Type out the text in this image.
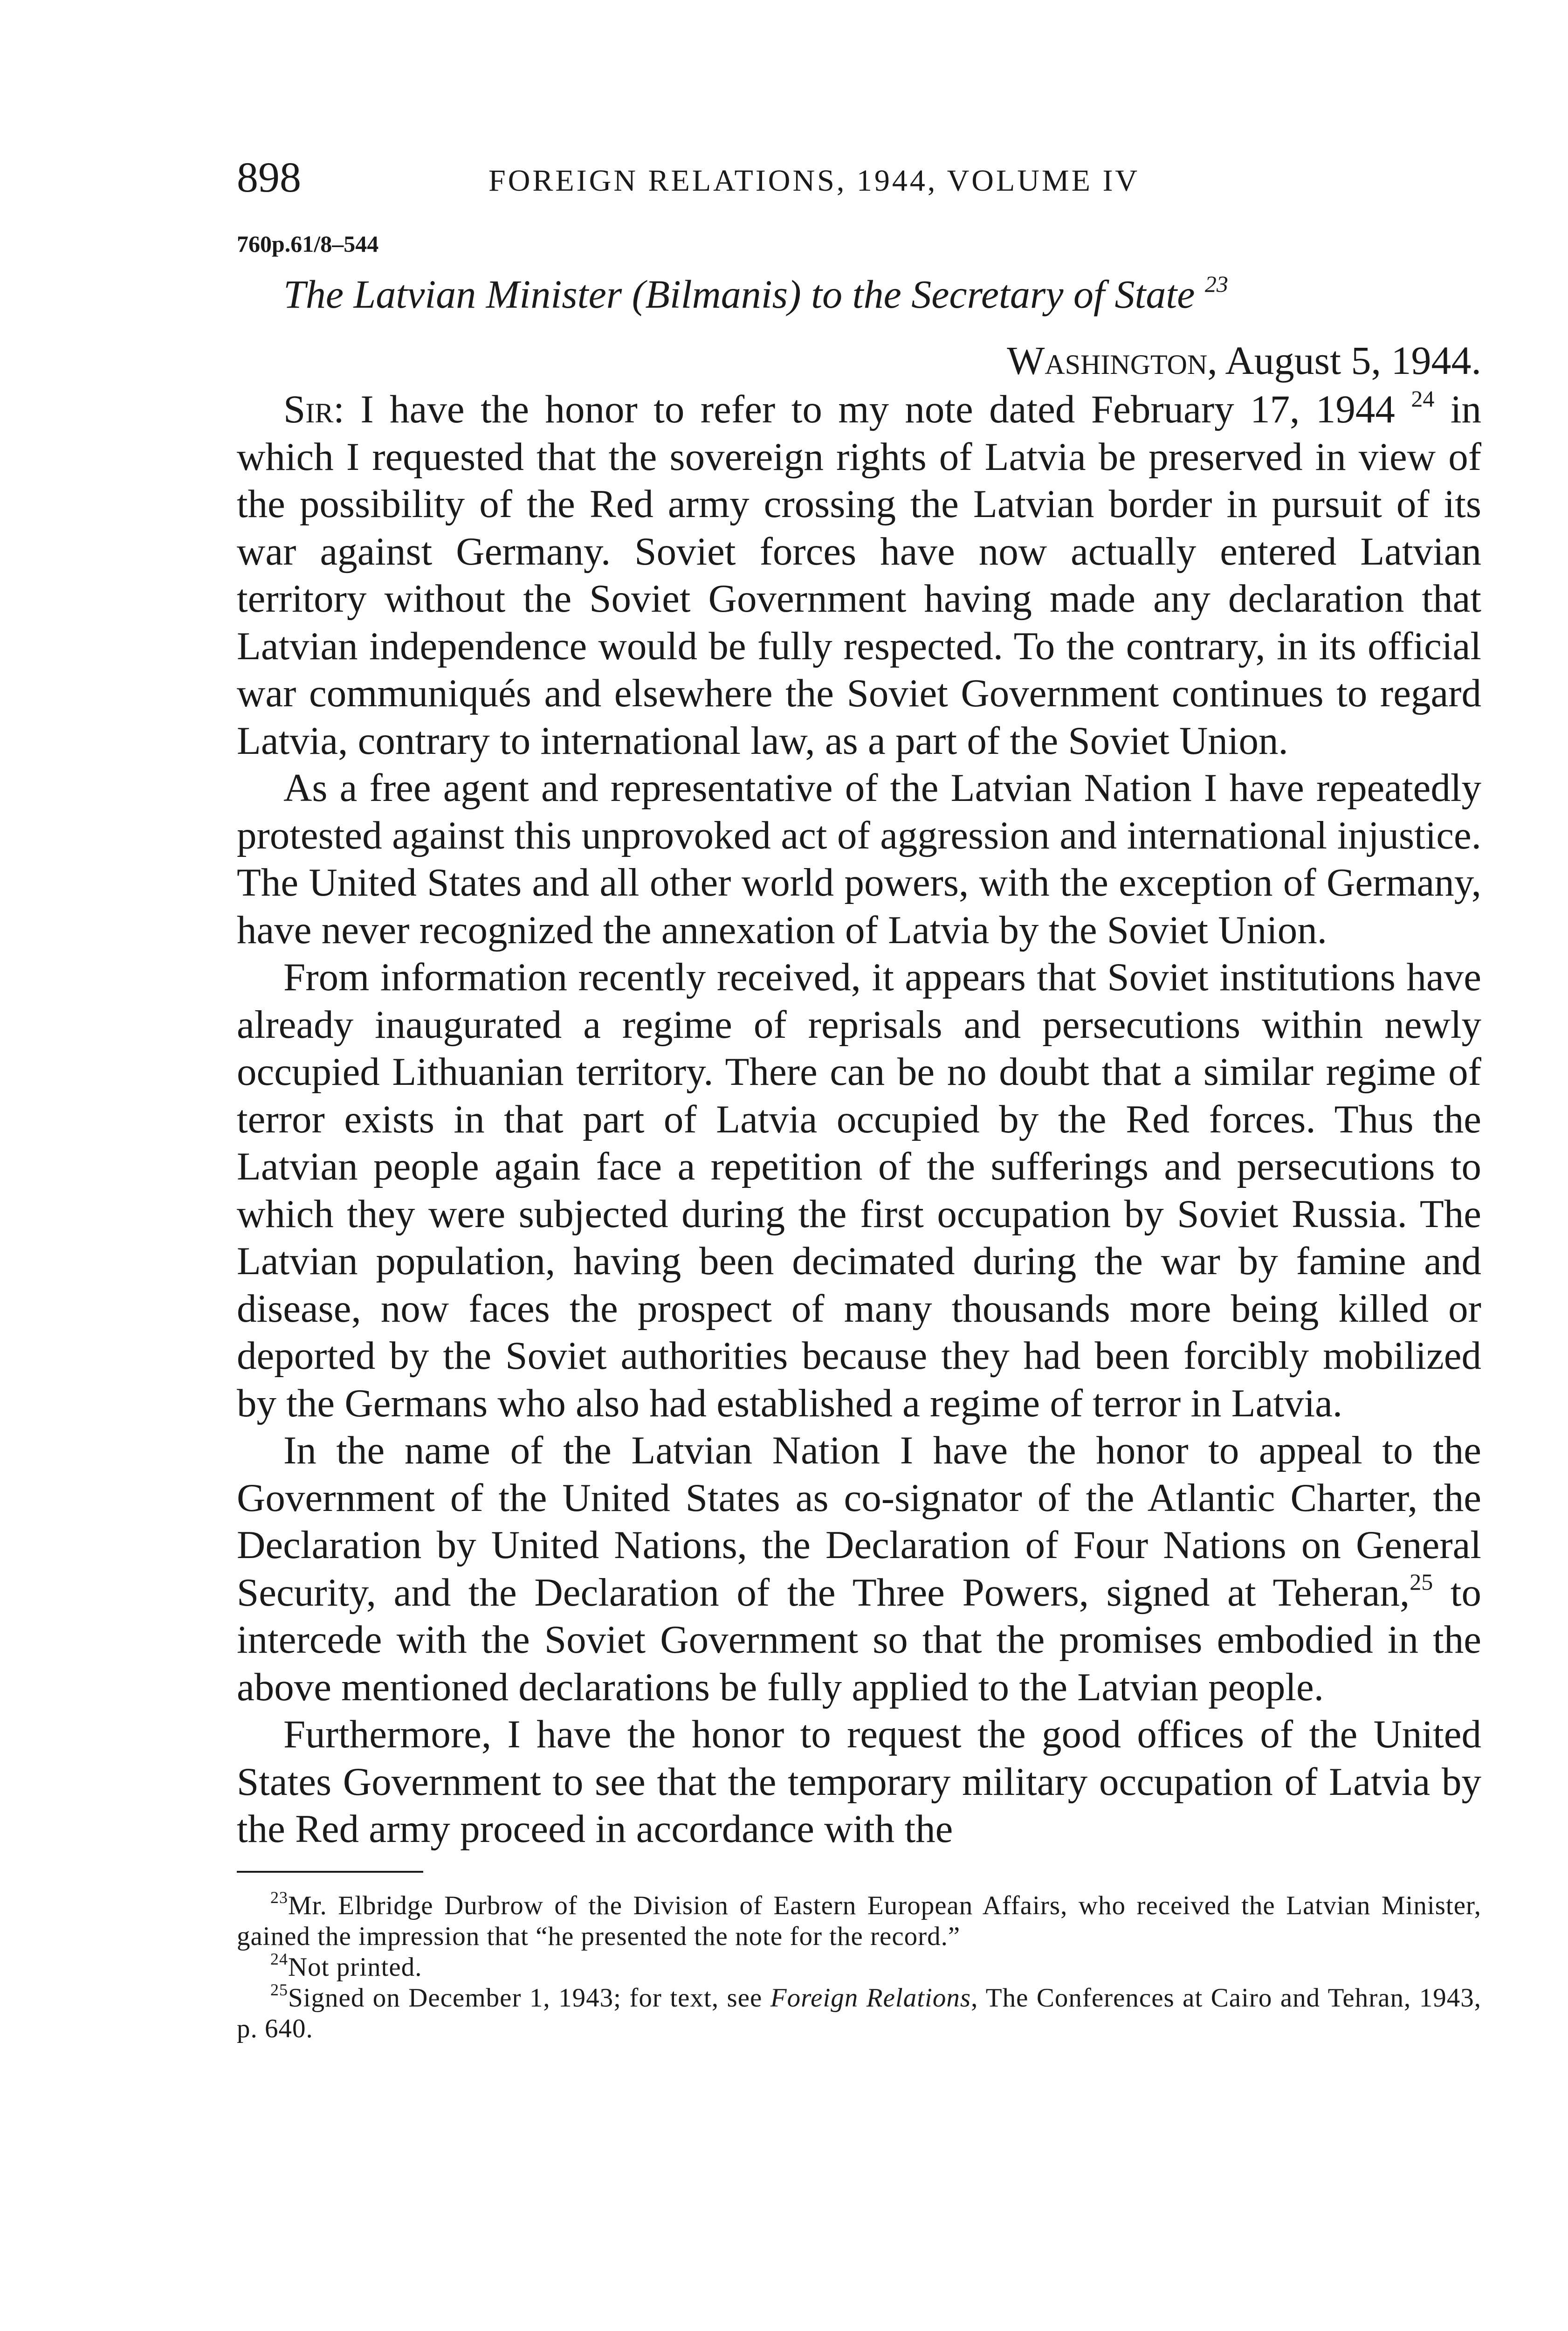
898	FOREIGN RELATIONS, 1944, VOLUME IV
760p.61/8–544
The Latvian Minister (Bilmanis) to the Secretary of State $^{23}$
Washington, August 5, 1944.

Sir: I have the honor to refer to my note dated February 17, 1944 $^{24}$ in which I requested that the sovereign rights of Latvia be preserved in view of the possibility of the Red army crossing the Latvian border in pursuit of its war against Germany. Soviet forces have now actually entered Latvian territory without the Soviet Government having made any declaration that Latvian independence would be fully respected. To the contrary, in its official war communiqués and elsewhere the Soviet Government continues to regard Latvia, contrary to international law, as a part of the Soviet Union.

As a free agent and representative of the Latvian Nation I have repeatedly protested against this unprovoked act of aggression and international injustice. The United States and all other world powers, with the exception of Germany, have never recognized the annexation of Latvia by the Soviet Union.

From information recently received, it appears that Soviet institutions have already inaugurated a regime of reprisals and persecutions within newly occupied Lithuanian territory. There can be no doubt that a similar regime of terror exists in that part of Latvia occupied by the Red forces. Thus the Latvian people again face a repetition of the sufferings and persecutions to which they were subjected during the first occupation by Soviet Russia. The Latvian population, having been decimated during the war by famine and disease, now faces the prospect of many thousands more being killed or deported by the Soviet authorities because they had been forcibly mobilized by the Germans who also had established a regime of terror in Latvia.

In the name of the Latvian Nation I have the honor to appeal to the Government of the United States as co-signator of the Atlantic Charter, the Declaration by United Nations, the Declaration of Four Nations on General Security, and the Declaration of the Three Powers, signed at Teheran,$^{25}$ to intercede with the Soviet Government so that the promises embodied in the above mentioned declarations be fully applied to the Latvian people.

Furthermore, I have the honor to request the good offices of the United States Government to see that the temporary military occupation of Latvia by the Red army proceed in accordance with the

$^{23}$Mr. Elbridge Durbrow of the Division of Eastern European Affairs, who received the Latvian Minister, gained the impression that “he presented the note for the record.”

$^{24}$Not printed.

$^{25}$Signed on December 1, 1943; for text, see Foreign Relations, The Conferences at Cairo and Tehran, 1943, p. 640.
